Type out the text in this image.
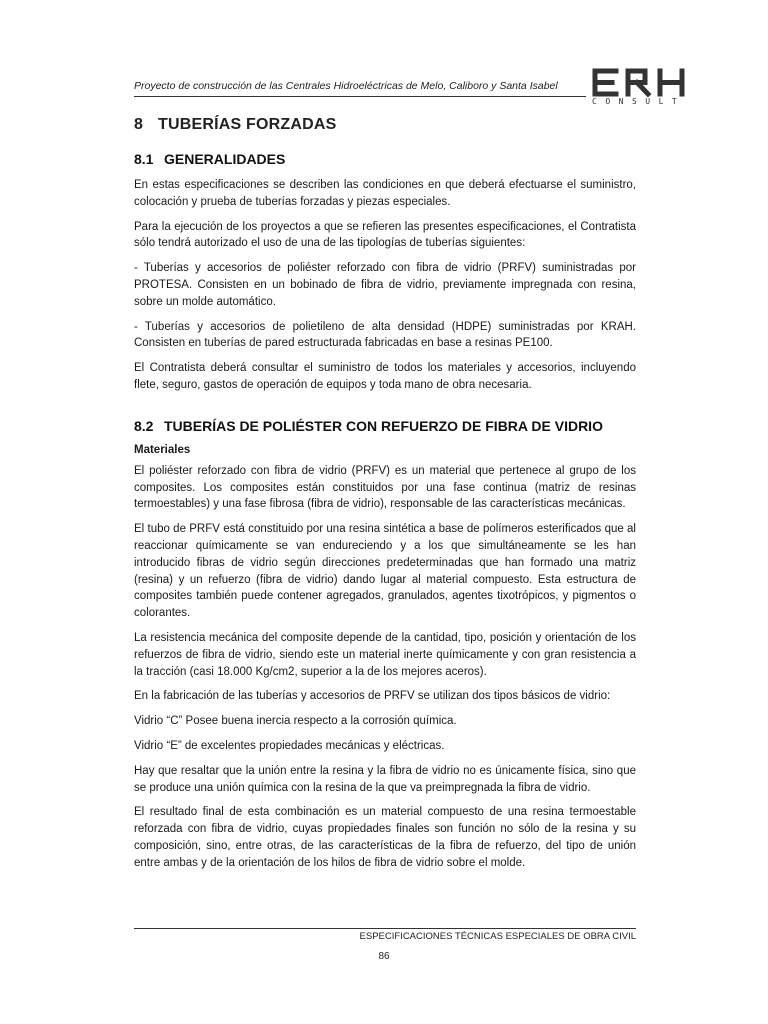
Proyecto de construcción de las Centrales Hidroeléctricas de Melo, Caliboro y Santa Isabel
CONSULT
8 TUBERÍAS FORZADAS
8.1 GENERALIDADES

En estas especificaciones se describen las condiciones en que deberá efectuarse el suministro, colocación y prueba de tuberías forzadas y piezas especiales.

Para la ejecución de los proyectos a que se refieren las presentes especificaciones, el Contratista sólo tendrá autorizado el uso de una de las tipologías de tuberías siguientes:

- Tuberías y accesorios de poliéster reforzado con fibra de vidrio (PRFV) suministradas por PROTESA. Consisten en un bobinado de fibra de vidrio, previamente impregnada con resina, sobre un molde automático.

- Tuberías y accesorios de polietileno de alta densidad (HDPE) suministradas por KRAH. Consisten en tuberías de pared estructurada fabricadas en base a resinas PE100.

El Contratista deberá consultar el suministro de todos los materiales y accesorios, incluyendo flete, seguro, gastos de operación de equipos y toda mano de obra necesaria.

8.2 TUBERÍAS DE POLIÉSTER CON REFUERZO DE FIBRA DE VIDRIO
Materiales

El poliéster reforzado con fibra de vidrio (PRFV) es un material que pertenece al grupo de los composites. Los composites están constituidos por una fase continua (matriz de resinas termoestables) y una fase fibrosa (fibra de vidrio), responsable de las características mecánicas.

El tubo de PRFV está constituido por una resina sintética a base de polímeros esterificados que al reaccionar químicamente se van endureciendo y a los que simultáneamente se les han introducido fibras de vidrio según direcciones predeterminadas que han formado una matriz (resina) y un refuerzo (fibra de vidrio) dando lugar al material compuesto. Esta estructura de composites también puede contener agregados, granulados, agentes tixotrópicos, y pigmentos o colorantes.

La resistencia mecánica del composite depende de la cantidad, tipo, posición y orientación de los refuerzos de fibra de vidrio, siendo este un material inerte químicamente y con gran resistencia a la tracción (casi 18.000 Kg/cm2, superior a la de los mejores aceros).

En la fabricación de las tuberías y accesorios de PRFV se utilizan dos tipos básicos de vidrio:

Vidrio “C” Posee buena inercia respecto a la corrosión química.

Vidrio “E” de excelentes propiedades mecánicas y eléctricas.

Hay que resaltar que la unión entre la resina y la fibra de vidrio no es únicamente física, sino que se produce una unión química con la resina de la que va preimpregnada la fibra de vidrio.

El resultado final de esta combinación es un material compuesto de una resina termoestable reforzada con fibra de vidrio, cuyas propiedades finales son función no sólo de la resina y su composición, sino, entre otras, de las características de la fibra de refuerzo, del tipo de unión entre ambas y de la orientación de los hilos de fibra de vidrio sobre el molde.

ESPECIFICACIONES TÉCNICAS ESPECIALES DE OBRA CIVIL
86
